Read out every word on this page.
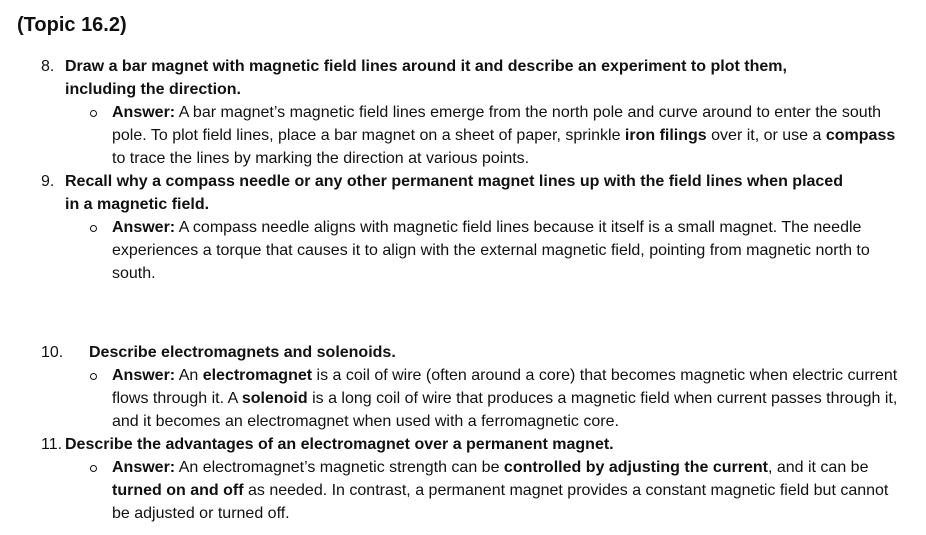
(Topic 16.2)
8. Draw a bar magnet with magnetic field lines around it and describe an experiment to plot them, including the direction.
Answer: A bar magnet’s magnetic field lines emerge from the north pole and curve around to enter the south pole. To plot field lines, place a bar magnet on a sheet of paper, sprinkle iron filings over it, or use a compass to trace the lines by marking the direction at various points.
9. Recall why a compass needle or any other permanent magnet lines up with the field lines when placed in a magnetic field.
Answer: A compass needle aligns with magnetic field lines because it itself is a small magnet. The needle experiences a torque that causes it to align with the external magnetic field, pointing from magnetic north to south.
10. Describe electromagnets and solenoids.
Answer: An electromagnet is a coil of wire (often around a core) that becomes magnetic when electric current flows through it. A solenoid is a long coil of wire that produces a magnetic field when current passes through it, and it becomes an electromagnet when used with a ferromagnetic core.
11. Describe the advantages of an electromagnet over a permanent magnet.
Answer: An electromagnet’s magnetic strength can be controlled by adjusting the current, and it can be turned on and off as needed. In contrast, a permanent magnet provides a constant magnetic field but cannot be adjusted or turned off.
